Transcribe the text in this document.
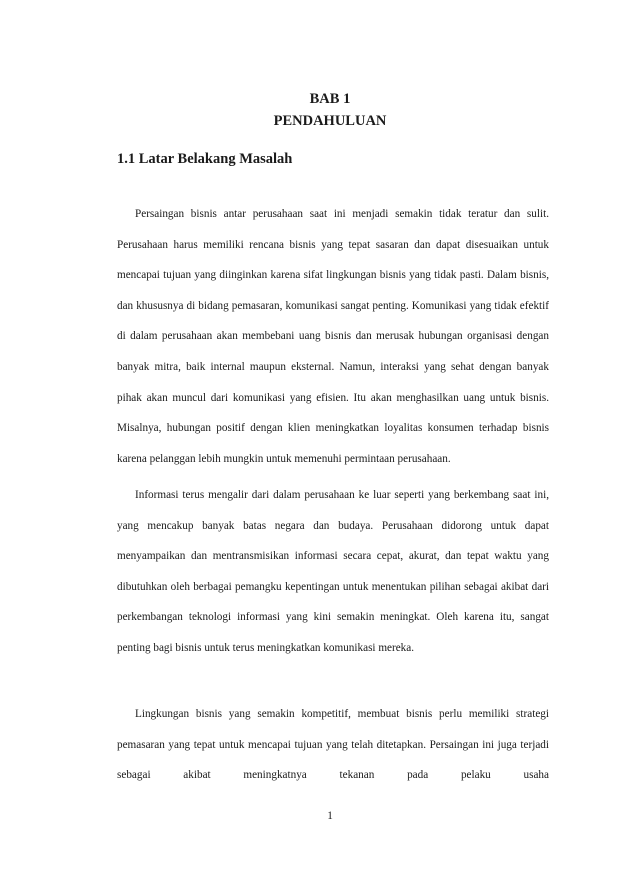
BAB 1
PENDAHULUAN
1.1 Latar Belakang Masalah

Persaingan bisnis antar perusahaan saat ini menjadi semakin tidak teratur dan sulit. Perusahaan harus memiliki rencana bisnis yang tepat sasaran dan dapat disesuaikan untuk mencapai tujuan yang diinginkan karena sifat lingkungan bisnis yang tidak pasti. Dalam bisnis, dan khususnya di bidang pemasaran, komunikasi sangat penting. Komunikasi yang tidak efektif di dalam perusahaan akan membebani uang bisnis dan merusak hubungan organisasi dengan banyak mitra, baik internal maupun eksternal. Namun, interaksi yang sehat dengan banyak pihak akan muncul dari komunikasi yang efisien. Itu akan menghasilkan uang untuk bisnis. Misalnya, hubungan positif dengan klien meningkatkan loyalitas konsumen terhadap bisnis karena pelanggan lebih mungkin untuk memenuhi permintaan perusahaan.

Informasi terus mengalir dari dalam perusahaan ke luar seperti yang berkembang saat ini, yang mencakup banyak batas negara dan budaya. Perusahaan didorong untuk dapat menyampaikan dan mentransmisikan informasi secara cepat, akurat, dan tepat waktu yang dibutuhkan oleh berbagai pemangku kepentingan untuk menentukan pilihan sebagai akibat dari perkembangan teknologi informasi yang kini semakin meningkat. Oleh karena itu, sangat penting bagi bisnis untuk terus meningkatkan komunikasi mereka.

Lingkungan bisnis yang semakin kompetitif, membuat bisnis perlu memiliki strategi pemasaran yang tepat untuk mencapai tujuan yang telah ditetapkan. Persaingan ini juga terjadi sebagai akibat meningkatnya tekanan pada pelaku usaha

1
